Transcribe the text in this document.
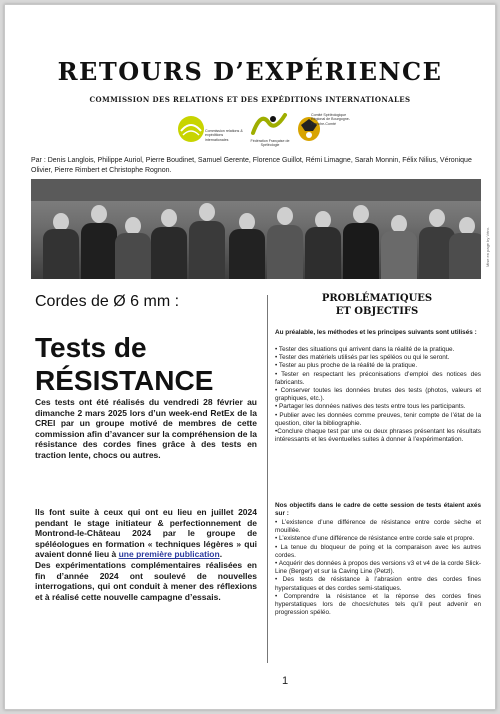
RETOURS D’EXPÉRIENCE
COMMISSION DES RELATIONS ET DES EXPÉDITIONS INTERNATIONALES
Commission relations & expéditions internationales	Fédération Française de Spéléologie
Comité Spéléologique Régional de Bourgogne-Franche-Comté
Par : Denis Langlois, Philippe Auriol, Pierre Boudinet, Samuel Gerente, Florence Guillot, Rémi Limagne, Sarah Monnin, Félix Nilius, Véronique Olivier, Pierre Rimbert et Christophe Rognon.
Mise en page by Véro.
Cordes de Ø 6 mm :
Tests de
RÉSISTANCE
Ces tests ont été réalisés du vendredi 28 février au dimanche 2 mars 2025 lors d’un week-end RetEx de la CREI par un groupe motivé de membres de cette commission afin d’avancer sur la compréhension de la résistance des cordes fines grâce à des tests en traction lente, chocs ou autres.

Ils font suite à ceux qui ont eu lieu en juillet 2024 pendant le stage initiateur & perfectionnement de Montrond-le-Château 2024 par le groupe de spéléologues en formation « techniques légères » qui avaient donné lieu à une première publication.

Des expérimentations complémentaires réalisées en fin d’année 2024 ont soulevé de nouvelles interrogations, qui ont conduit à mener des réflexions et à réalisé cette nouvelle campagne d’essais.

PROBLÉMATIQUES
ET OBJECTIFS
Au préalable, les méthodes et les principes suivants sont utilisés :
• Tester des situations qui arrivent dans la réalité de la pratique.
• Tester des matériels utilisés par les spéléos ou qui le seront.
• Tester au plus proche de la réalité de la pratique.
• Tester en respectant les préconisations d’emploi des notices des fabricants.
• Conserver toutes les données brutes des tests (photos, valeurs et graphiques, etc.).
• Partager les données natives des tests entre tous les participants.
• Publier avec les données comme preuves, tenir compte de l’état de la question, citer la bibliographie.
•Conclure chaque test par une ou deux phrases présentant les résultats intéressants et les éventuelles suites à donner à l’expérimentation.
Nos objectifs dans le cadre de cette session de tests étaient axés sur :
• L’existence d’une différence de résistance entre corde sèche et mouillée.
• L’existence d’une différence de résistance entre corde sale et propre.
• La tenue du bloqueur de poing et la comparaison avec les autres cordes.
• Acquérir des données à propos des versions v3 et v4 de la corde Slick-Line (Berger) et sur la Caving Line (Petzl).
• Des tests de résistance à l’abrasion entre des cordes fines hyperstatiques et des cordes semi-statiques.
• Comprendre la résistance et la réponse des cordes fines hyperstatiques lors de chocs/chutes tels qu’il peut advenir en progression spéléo.
1
